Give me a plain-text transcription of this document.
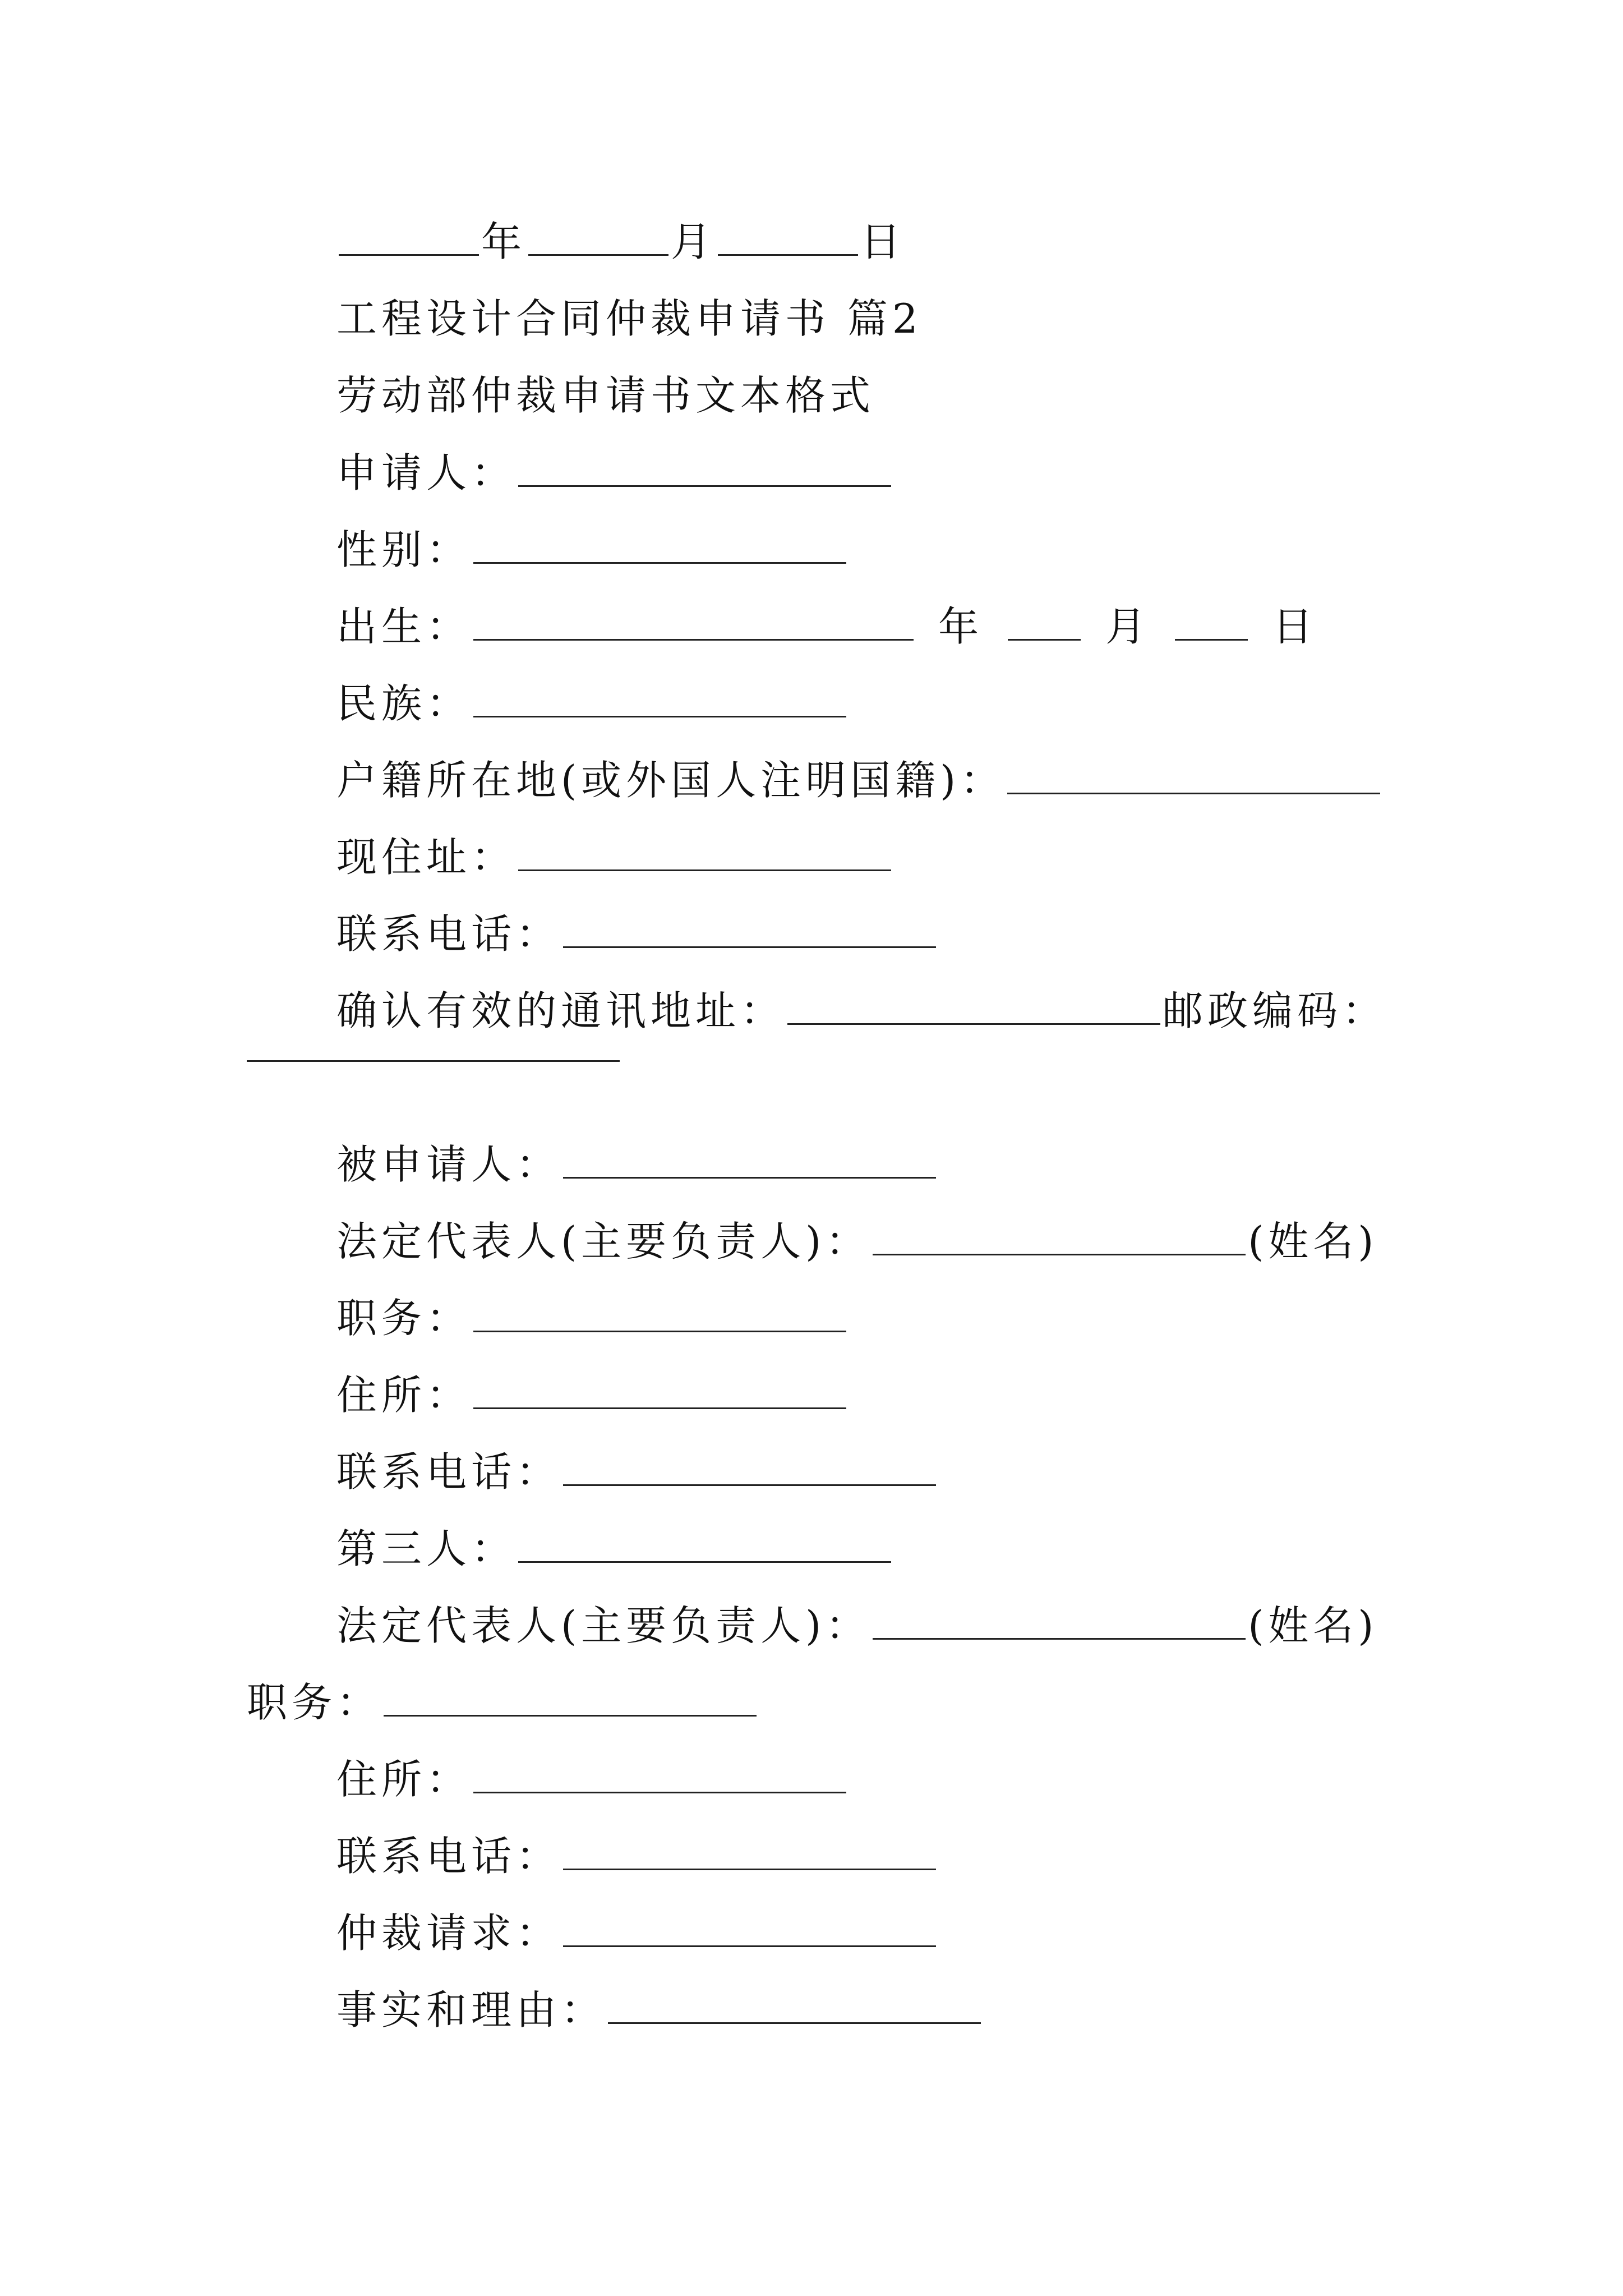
年	月	日
工程设计合同仲裁申请书 篇2
劳动部仲裁申请书文本格式
申请人：
性别：
出生：	年	月	日
民族：
户籍所在地(或外国人注明国籍)：
现住址：
联系电话：
确认有效的通讯地址：	邮政编码：
被申请人：
法定代表人(主要负责人)：	(姓名)
职务：
住所：
联系电话：
第三人：
法定代表人(主要负责人)：	(姓名)
职务：
住所：
联系电话：
仲裁请求：
事实和理由：
